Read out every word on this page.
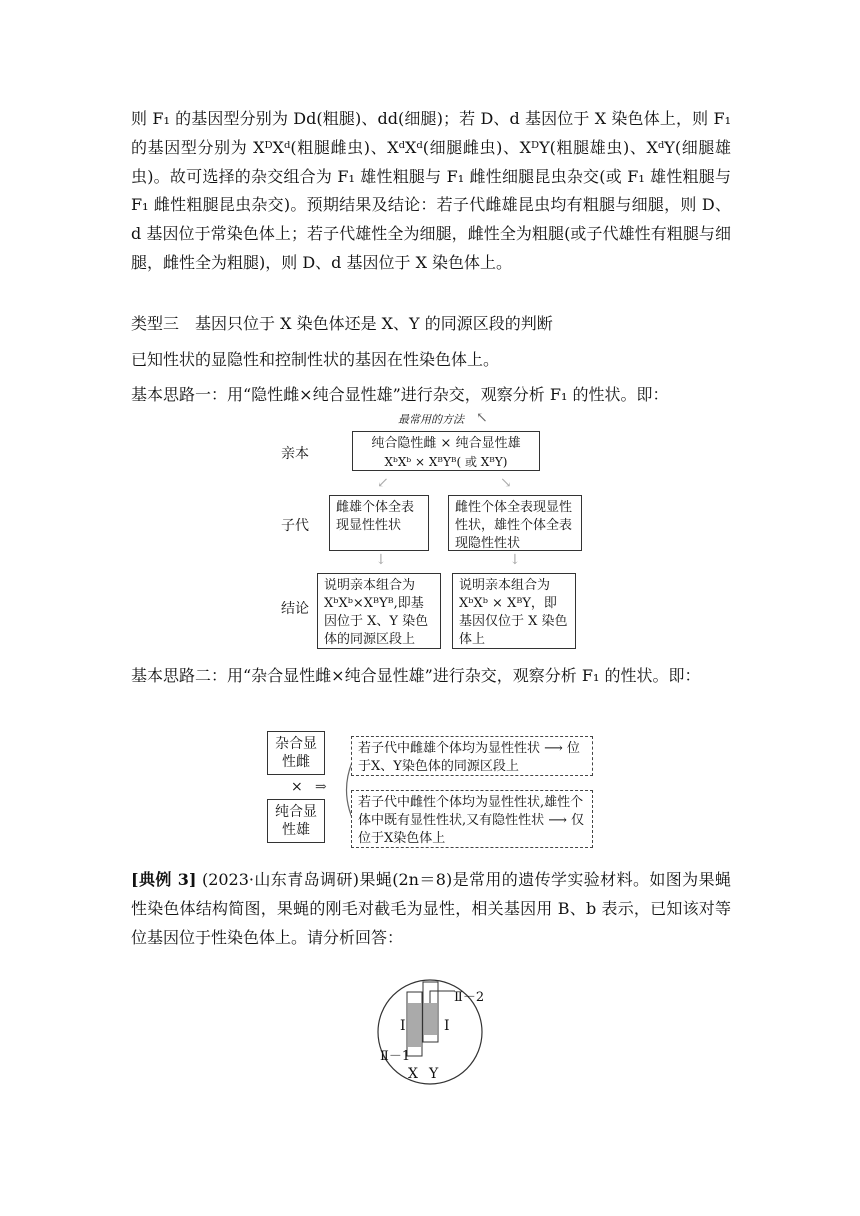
则 F₁ 的基因型分别为 Dd(粗腿)、dd(细腿)；若 D、d 基因位于 X 染色体上，则 F₁ 的基因型分别为 XᴰXᵈ(粗腿雌虫)、XᵈXᵈ(细腿雌虫)、XᴰY(粗腿雄虫)、XᵈY(细腿雄虫)。故可选择的杂交组合为 F₁ 雄性粗腿与 F₁ 雌性细腿昆虫杂交(或 F₁ 雄性粗腿与 F₁ 雌性粗腿昆虫杂交)。预期结果及结论：若子代雌雄昆虫均有粗腿与细腿，则 D、d 基因位于常染色体上；若子代雄性全为细腿，雌性全为粗腿(或子代雄性有粗腿与细腿，雌性全为粗腿)，则 D、d 基因位于 X 染色体上。
类型三　基因只位于 X 染色体还是 X、Y 的同源区段的判断
已知性状的显隐性和控制性状的基因在性染色体上。
基本思路一：用“隐性雌×纯合显性雄”进行杂交，观察分析 F₁ 的性状。即：
最常用的方法 ↖
亲本
子代
结论
纯合隐性雌 × 纯合显性雄
XᵇXᵇ × XᴮYᴮ( 或 XᴮY)
↙	↘
雌雄个体全表现显性性状
雌性个体全表现显性性状，雄性个体全表现隐性性状
↓	↓
说明亲本组合为XᵇXᵇ×XᴮYᴮ,即基因位于 X、Y 染色体的同源区段上
说明亲本组合为XᵇXᵇ × XᴮY，即基因仅位于 X 染色体上
基本思路二：用“杂合显性雌×纯合显性雄”进行杂交，观察分析 F₁ 的性状。即：
杂合显性雌
× ⇒
纯合显性雄
若子代中雌雄个体均为显性性状 ⟶ 位于X、Y染色体的同源区段上
若子代中雌性个体均为显性性状,雄性个体中既有显性性状,又有隐性性状 ⟶ 仅位于X染色体上
[典例 3] (2023·山东青岛调研)果蝇(2n＝8)是常用的遗传学实验材料。如图为果蝇性染色体结构简图，果蝇的刚毛对截毛为显性，相关基因用 B、b 表示，已知该对等位基因位于性染色体上。请分析回答：
Ⅰ	Ⅰ
Ⅱ－1
Ⅱ－2
X Y
